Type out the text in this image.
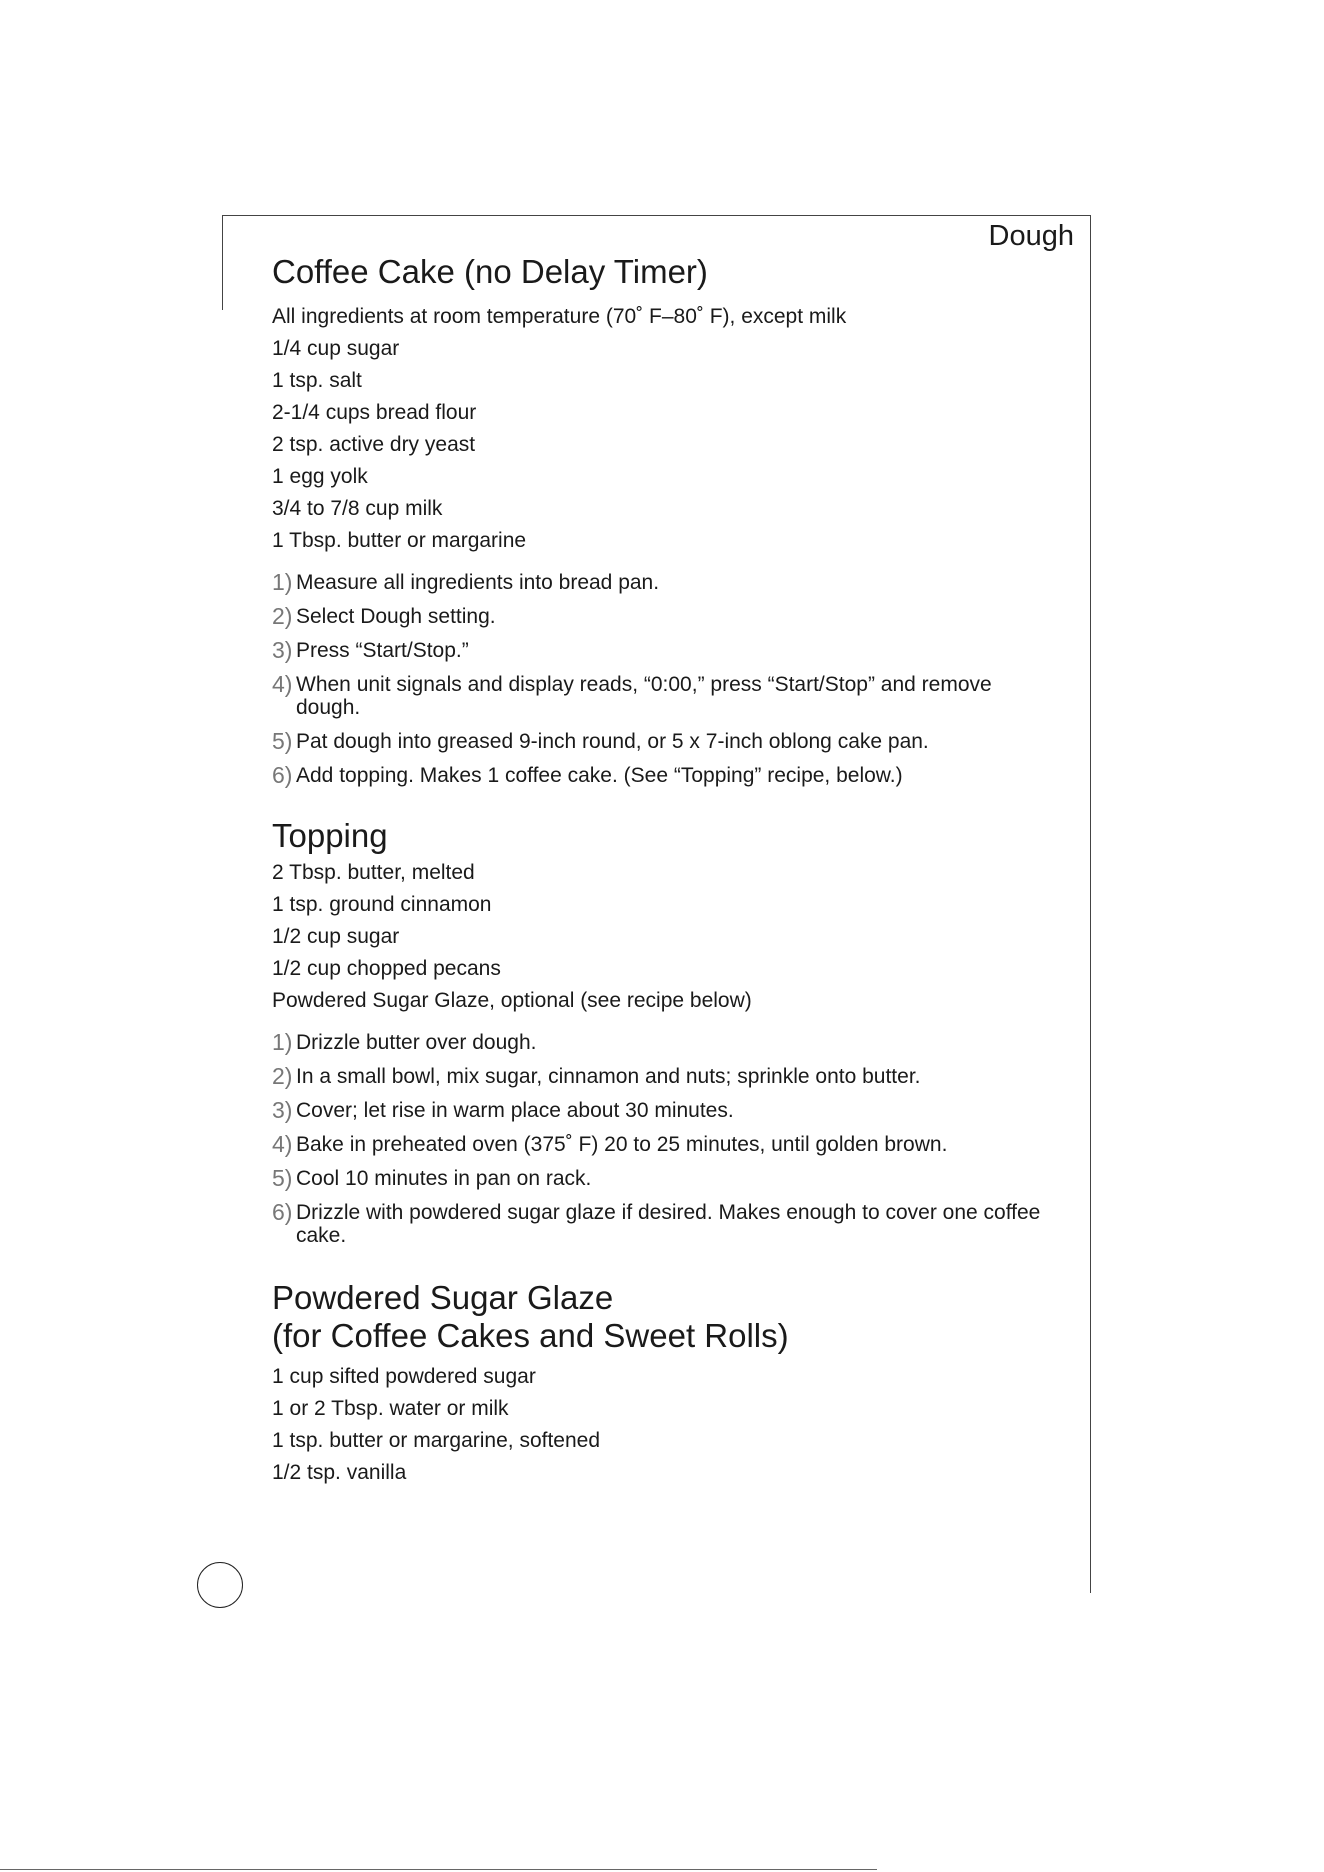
Dough
Coffee Cake (no Delay Timer)
All ingredients at room temperature (70˚ F–80˚ F), except milk
1/4 cup sugar
1 tsp. salt
2-1/4 cups bread flour
2 tsp. active dry yeast
1 egg yolk
3/4 to 7/8 cup milk
1 Tbsp. butter or margarine
1) Measure all ingredients into bread pan.
2) Select Dough setting.
3) Press “Start/Stop.”
4) When unit signals and display reads, “0:00,” press “Start/Stop” and remove dough.
5) Pat dough into greased 9-inch round, or 5 x 7-inch oblong cake pan.
6) Add topping. Makes 1 coffee cake. (See “Topping” recipe, below.)
Topping
2 Tbsp. butter, melted
1 tsp. ground cinnamon
1/2 cup sugar
1/2 cup chopped pecans
Powdered Sugar Glaze, optional (see recipe below)
1) Drizzle butter over dough.
2) In a small bowl, mix sugar, cinnamon and nuts; sprinkle onto butter.
3) Cover; let rise in warm place about 30 minutes.
4) Bake in preheated oven (375˚ F) 20 to 25 minutes, until golden brown.
5) Cool 10 minutes in pan on rack.
6) Drizzle with powdered sugar glaze if desired. Makes enough to cover one coffee cake.
Powdered Sugar Glaze
(for Coffee Cakes and Sweet Rolls)
1 cup sifted powdered sugar
1 or 2 Tbsp. water or milk
1 tsp. butter or margarine, softened
1/2 tsp. vanilla
